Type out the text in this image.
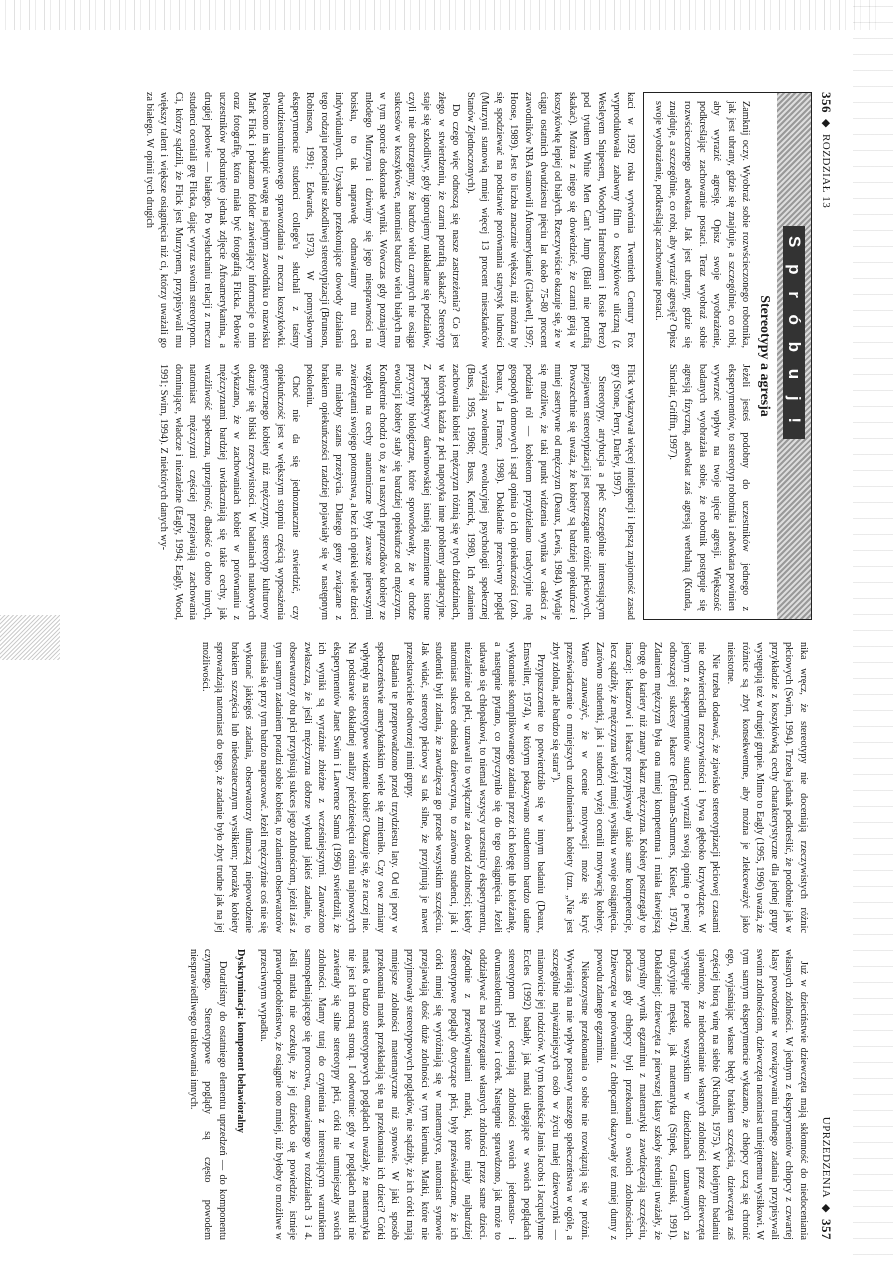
356
◆
ROZDZIAŁ 13
S p r ó b u j !
Stereotypy a agresja

Zamknij oczy. Wyobraź sobie rozwścieczonego robotnika, jak jest ubrany, gdzie się znajduje, a szczególnie, co robi, aby wyrazić agresję. Opisz swoje wyobrażenie, podkreślając zachowanie postaci. Teraz wyobraź sobie rozwścieczonego adwokata. Jak jest ubrany, gdzie się znajduje, a szczególnie, co robi, aby wyrazić agresję? Opisz swoje wyobrażenie, podkreślając zachowanie postaci.

Jeżeli jesteś podobny do uczestników jednego z eksperymentów, to stereotyp robotnika i adwokata powinien wywrzeć wpływ na twoje ujęcie agresji. Większość badanych wyobrażała sobie, że robotnik postępuje się agresją fizyczną, adwokat zaś agresją werbalną (Kunda, Sinclair, Griffin, 1997).

kaci w 1992 roku wytwórnia Twentieth Century Fox wyprodukowała zabawny film o koszykówce uliczną (z Wesleyem Snipesem, Woodym Harrelsonem i Rosie Perez) pod tytułem White Men Can't Jump (Biali nie potrafią skakać). Można z niego się dowiedzieć, że czarni grają w koszykówkę lepiej od białych. Rzeczywiście okazuje się, że w ciągu ostatnich dwudziestu pięciu lat około 75-80 procent zawodników NBA stanowili Afroamerykanie (Gladwell, 1997; Hoose, 1989). Jest to liczba znacznie większa, niż można by się spodziewać na podstawie porównania statystyk ludności (Murzyni stanowią mniej więcej 13 procent mieszkańców Stanów Zjednoczonych).

Do czego więc odnoszą się nasze zastrzeżenia? Co jest złego w stwierdzeniu, że czarni potrafią skakać? Stereotyp staje się szkodliwy, gdy ignorujemy nakładane się podziałów, czyli nie dostrzegamy, że bardzo wielu czarnych nie osiąga sukcesów w koszykówce, natomiast bardzo wielu białych ma w tym sporcie doskonałe wyniki. Wówczas gdy poznajemy młodego Murzyna i dziwimy się jego niesprawności na boisku, to tak naprawdę odmawiamy mu cech indywidualnych. Uzyskano przekonujące dowody działania tego rodzaju potencjalnie szkodliwej stereotypizacji (Brunson, Robinson, 1991; Edwards, 1973). W pomysłowym eksperymencie studenci college'u słuchali z taśmy dwudziestominutowego sprawozdania z meczu koszykówki. Polecono im skupić uwagę na jednym zawodniku o nazwisku Mark Flick i pokazano folder zawierający informacje o nim oraz fotografię, która miała być fotografią Flicka. Połowie uczestników podsunięto jednak zdjęcie Afroamerykanina, a drugiej połowie — białego. Po wysłuchaniu relacji z meczu studenci oceniali grę Flicka, dając wyraz swoim stereotypom. Ci, którzy sądzili, że Flick jest Murzynem, przypisywali mu większy talent i większe osiągnięcia niż ci, którzy uważali go za białego. W opinii tych drugich

Flick wykazywał więcej inteligencji i lepszą znajomość zasad gry (Stone, Perry, Darley, 1997).

Stereotypy, atrybucja a płeć Szczególnie interesującym przejawem stereotypizacji jest postrzeganie różnic płciowych. Powszechnie się uważa, że kobiety są bardziej opiekuńcze i mniej asertywne od mężczyzn (Deaux, Lewis, 1984). Wydaje się możliwe, że taki punkt widzenia wynika w całości z podziału ról — kobietom przydzielano tradycyjnie rolę gospodyń domowych i stąd opinia o ich opiekuńczości (zob. Deaux, La France, 1998). Dokładnie przeciwny pogląd wyrażają zwolennicy ewolucyjnej psychologii społecznej (Buss, 1995, 1996b; Buss, Kenrick, 1998). Ich zdaniem zachowania kobiet i mężczyzn różnią się w tych dziedzinach, w których każda z płci napotyka inne problemy adaptacyjne. Z perspektywy darwinowskiej istnieją niezmienne istotne przyczyny biologiczne, które spowodowały, że w drodze ewolucji kobiety stały się bardziej opiekuńcze od mężczyzn. Konkretnie chodzi o to, że u naszych praprzodków kobiety ze względu na cechy anatomiczne były zawsze pierwszymi zwierzętami swojego potomstwa, a bez ich opieki wiele dzieci nie miałoby szans przeżycia. Dlatego geny związane z brakiem opiekuńczości rzadziej pojawiały się w następnym pokoleniu.

Choć nie da się jednoznacznie stwierdzić, czy opiekuńczość jest w większym stopniu częścią wyposażenia genetycznego kobiety niż mężczyzny, stereotyp kulturowy okazuje się bliski rzeczywistości. W badaniach naukowych wykazano, że w zachowaniach kobiet w porównaniu z mężczyznami bardziej uwidaczniają się takie cechy, jak wrażliwość społeczna, uprzejmość, dbałość o dobro innych, natomiast mężczyzni częściej przejawiają zachowania dominujące, władcze i niezależne (Eagly, 1994; Eagly, Wood, 1991; Swim, 1994). Z niektórych danych wy-

UPRZEDZENIA
◆
357

nika wręcz, że stereotypy nie doceniają rzeczywistych różnic płciowych (Swim, 1994). Trzeba jednak podkreślić, że podobnie jak w przykładzie z koszykówką cechy charakterystyczne dla jednej grupy występują też w drugiej grupie. Mimo to Eagly (1995, 1996) uważa, że różnice są zbyt konsekwentne, aby można je zlekceważyć jako nieistotne.

Nie trzeba dodawać, że zjawisko stereotypizacji płciowej czasami nie odzwierciedla rzeczywistości i bywa głęboko krzywdzące. W jednym z eksperymentów studenci wyrazili swoją opinię o pewnej odnoszącej sukcesy lekarce (Feldman-Summers, Kiesler, 1974). Zdaniem mężczyzn była ona mniej kompetentna i miała łatwiejszą drogę do kariery niż znany lekarz mężczyzna. Kobiety postrzegały to inaczej: lekarzowi i lekarce przypisywały takie same kompetencje, lecz sądziły, że mężczyzna włożył mniej wysiłku w swoje osiągnięcia. Zarówno studentki, jak i studenci wyżej ocenili motywację kobiety. Warto zauważyć, że w ocenie motywacji może się kryć przeświadczenie o mniejszych uzdolnieniach kobiety (tzn. „Nie jest zbyt zdolna, ale bardzo się stara”).

Przypuszczenie to potwierdziło się w innym badaniu (Deaux, Emswiller, 1974), w którym pokazywano studentom bardzo udane wykonanie skomplikowanego zadania przez ich kolegę lub koleżankę, a następnie pytano, co przyczyniło się do tego osiągnięcia. Jeżeli udawało się chłopakowi, to niemal wszyscy uczestnicy eksperymentu, niezależnie od płci, uznawali to wyłącznie za dowód zdolności; kiedy natomiast sukces odniosła dziewczyna, to zarówno studenci, jak i studentki byli zdania, że zawdzięcza go przede wszystkim szczęściu. Jak widać, stereotyp płciowy sa tak silne, że przyjmują je nawet przedstawiciele odtworzej nimi grupy.

Badania te przeprowadzono przed trzydziestu laty. Od tej pory w społeczeństwie amerykańskim wiele się zmieniło. Czy owe zmiany wpłynęły na stereotypowe widzenie kobiet? Okazuje się, że raczej nie. Na podstawie dokładnej analizy piećdziesięciu ośmiu najnowszych eksperymentów Janet Swim i Lawrence Sanna (1996) stwierdzili, że ich wyniki są wyraźnie zbieżne z wcześniejszymi. Zauważono zwłaszcza, że jeśli mężczyzna dobrze wykonał jakieś zadanie, to obserwatorzy obu płci przypisują sukces jego zdolnościom, jeżeli zaś z tym samym zadaniem poradzi sobie kobieta, to zdaniem obserwatorów musiała się przy tym bardzo napracować. Jeżeli mężczyźnie coś nie się wykonać jakiegoś zadania, obserwatorzy tłumaczą niepowodzenie brakiem szczęścia lub niedostatecznym wysiłkiem; porażkę kobiety sprowadzają natomiast do tego, że zadanie było zbyt trudne jak na jej możliwości.

Już w dzieciństwie dziewczęta mają skłonność do niedoceniania własnych zdolności. W jednym z eksperymentów chłopcy z czwartej klasy powodzenie w rozwiązywaniu trudnego zadania przypisywali swoim zdolnościom, dziewczęta natomiast umiejętnemu wysiłkowi. W tym samym eksperymencie wykazano, że chłopcy uczą się chronić ego, wyjaśniając własne błędy brakiem szczęścia, dziewczęta zaś częściej biorą winę na siebie (Nicholls, 1975). W kolejnym badaniu ujawniono, że niedocenianie własnych zdolności przez dziewczęta występuje przede wszystkim w dziedzinach uznawanych za tradycyjnie męskie, jak matematyka (Stipek, Gralinski, 1991). Dokładniej: dziewczęta z pierwszej klasy szkoły średniej uważały, że pomyślny wynik egzaminu z matematyki zawdzięczają szczęściu, podczas gdy chłopcy byli przekonani o swoich zdolnościach. Dziewczęta w porównaniu z chłopcami okazywały też mniej dumy z powodu zdanego egzaminu.

Niekorzystne przekonania o sobie nie rozwiązują się w próżni. Wywierają na nie wpływ postawy naszego społeczeństwa w ogóle, a szczególnie najważniejszych osób w życiu małej dziewczynki — mianowicie jej rodziców. W tym kontekście Janis Jacobs i Jacquelynne Eccles (1992) badały, jak matki ulegające w swoich poglądach stereotypom płci oceniają zdolności swoich jedenasto- i dwunastoletnich synów i córek. Następnie sprawdzono, jak może to oddziaływać na postrzeganie własnych zdolności przez same dzieci. Zgodnie z przewidywaniami matki, które miały najbardziej stereotypowe poglądy dotyczące płci, były przeświadczone, że ich córki mniej się wyróżniają się w matematyce, natomiast synowie przejawiają dość duże zdolności w tym kierunku. Matki, które nie przyjmowały stereotypowych poglądów, nie sądziły, że ich córki mają mniejsze zdolności matematyczne niż synowie. W jaki sposób przekonania matek przekładają się na przekonania ich dzieci? Córki matek o bardzo stereotypowych poglądach uważały, że matematyka nie jest ich mocną stroną. I odwrotnie: gdy w poglądach matki nie zawierały się silne stereotypy płci, córki nie umniejszały swoich zdolności. Mamy tutaj do czynienia z interesującym warunkiem samospełniającego się proroctwa, omawianego w rozdziałach 3 i 4. Jeśli matka nie oczekuje, że jej dziecko się powiedzie, istnieje prawdopodobieństwo, że osiągnie ono mniej, niż byłoby to możliwe w przeciwnym wypadku.

Dyskryminacja: komponent behawioralny

Dotarliśmy do ostatniego elementu uprzedzeń — do komponentu czynnego. Stereotypowe poglądy są często powodem niesprawiedliwego traktowania innych.
